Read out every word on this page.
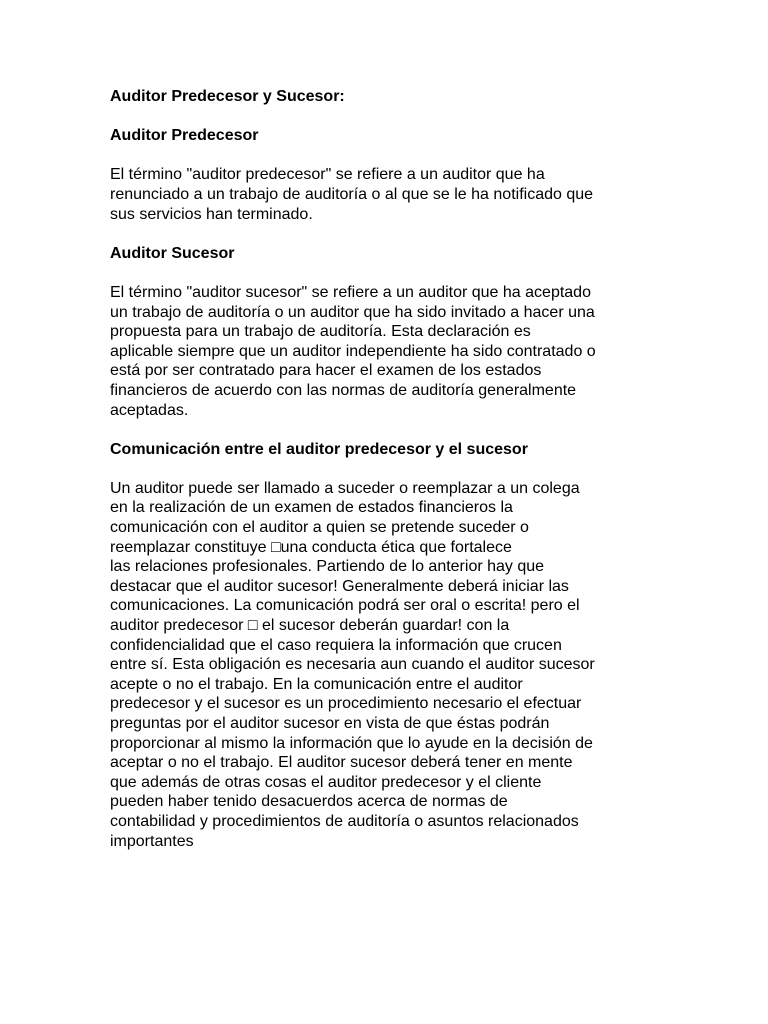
Auditor Predecesor y Sucesor:
Auditor Predecesor
El término "auditor predecesor" se refiere a un auditor que ha
renunciado a un trabajo de auditoría o al que se le ha notificado que
sus servicios han terminado.
Auditor Sucesor
El término "auditor sucesor" se refiere a un auditor que ha aceptado
un trabajo de auditoría o un auditor que ha sido invitado a hacer una
propuesta para un trabajo de auditoría. Esta declaración es
aplicable siempre que un auditor independiente ha sido contratado o
está por ser contratado para hacer el examen de los estados
financieros de acuerdo con las normas de auditoría generalmente
aceptadas.
Comunicación entre el auditor predecesor y el sucesor
Un auditor puede ser llamado a suceder o reemplazar a un colega
en la realización de un examen de estados financieros la
comunicación con el auditor a quien se pretende suceder o
reemplazar constituye □una conducta ética que fortalece
las relaciones profesionales. Partiendo de lo anterior hay que
destacar que el auditor sucesor! Generalmente deberá iniciar las
comunicaciones. La comunicación podrá ser oral o escrita! pero el
auditor predecesor □ el sucesor deberán guardar! con la
confidencialidad que el caso requiera la información que crucen
entre sí. Esta obligación es necesaria aun cuando el auditor sucesor
acepte o no el trabajo. En la comunicación entre el auditor
predecesor y el sucesor es un procedimiento necesario el efectuar
preguntas por el auditor sucesor en vista de que éstas podrán
proporcionar al mismo la información que lo ayude en la decisión de
aceptar o no el trabajo. El auditor sucesor deberá tener en mente
que además de otras cosas el auditor predecesor y el cliente
pueden haber tenido desacuerdos acerca de normas de
contabilidad y procedimientos de auditoría o asuntos relacionados
importantes
